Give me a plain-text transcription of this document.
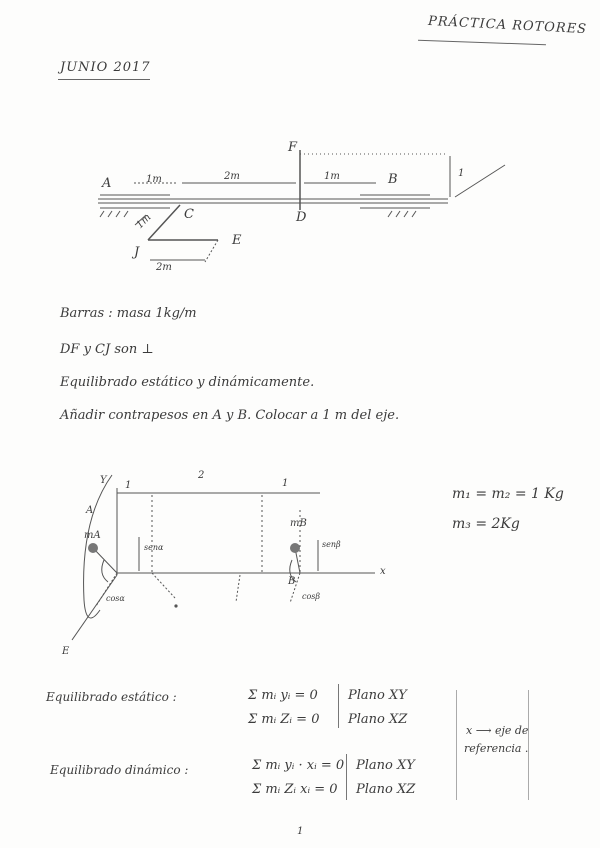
PRÁCTICA ROTORES
JUNIO 2017
A	B
C	D
E
F
J
1m	2m	1m	1
1m
2m
Barras : masa 1kg/m
DF y CJ son ⊥
Equilibrado estático y dinámicamente.
Añadir contrapesos en A y B. Colocar a 1 m del eje.
Y
x
E
A
B
mA
mB
1
2
1
senα
cosα
senβ
cosβ
m₁ = m₂ = 1 Kg
m₃ = 2Kg
Equilibrado estático :	Σ mᵢ yᵢ = 0 Plano XY
Σ mᵢ Zᵢ = 0 Plano XZ
Equilibrado dinámico :	Σ mᵢ yᵢ · xᵢ = 0 Plano XY
Σ mᵢ Zᵢ xᵢ = 0 Plano XZ
x ⟶ eje de
referencia .
1
